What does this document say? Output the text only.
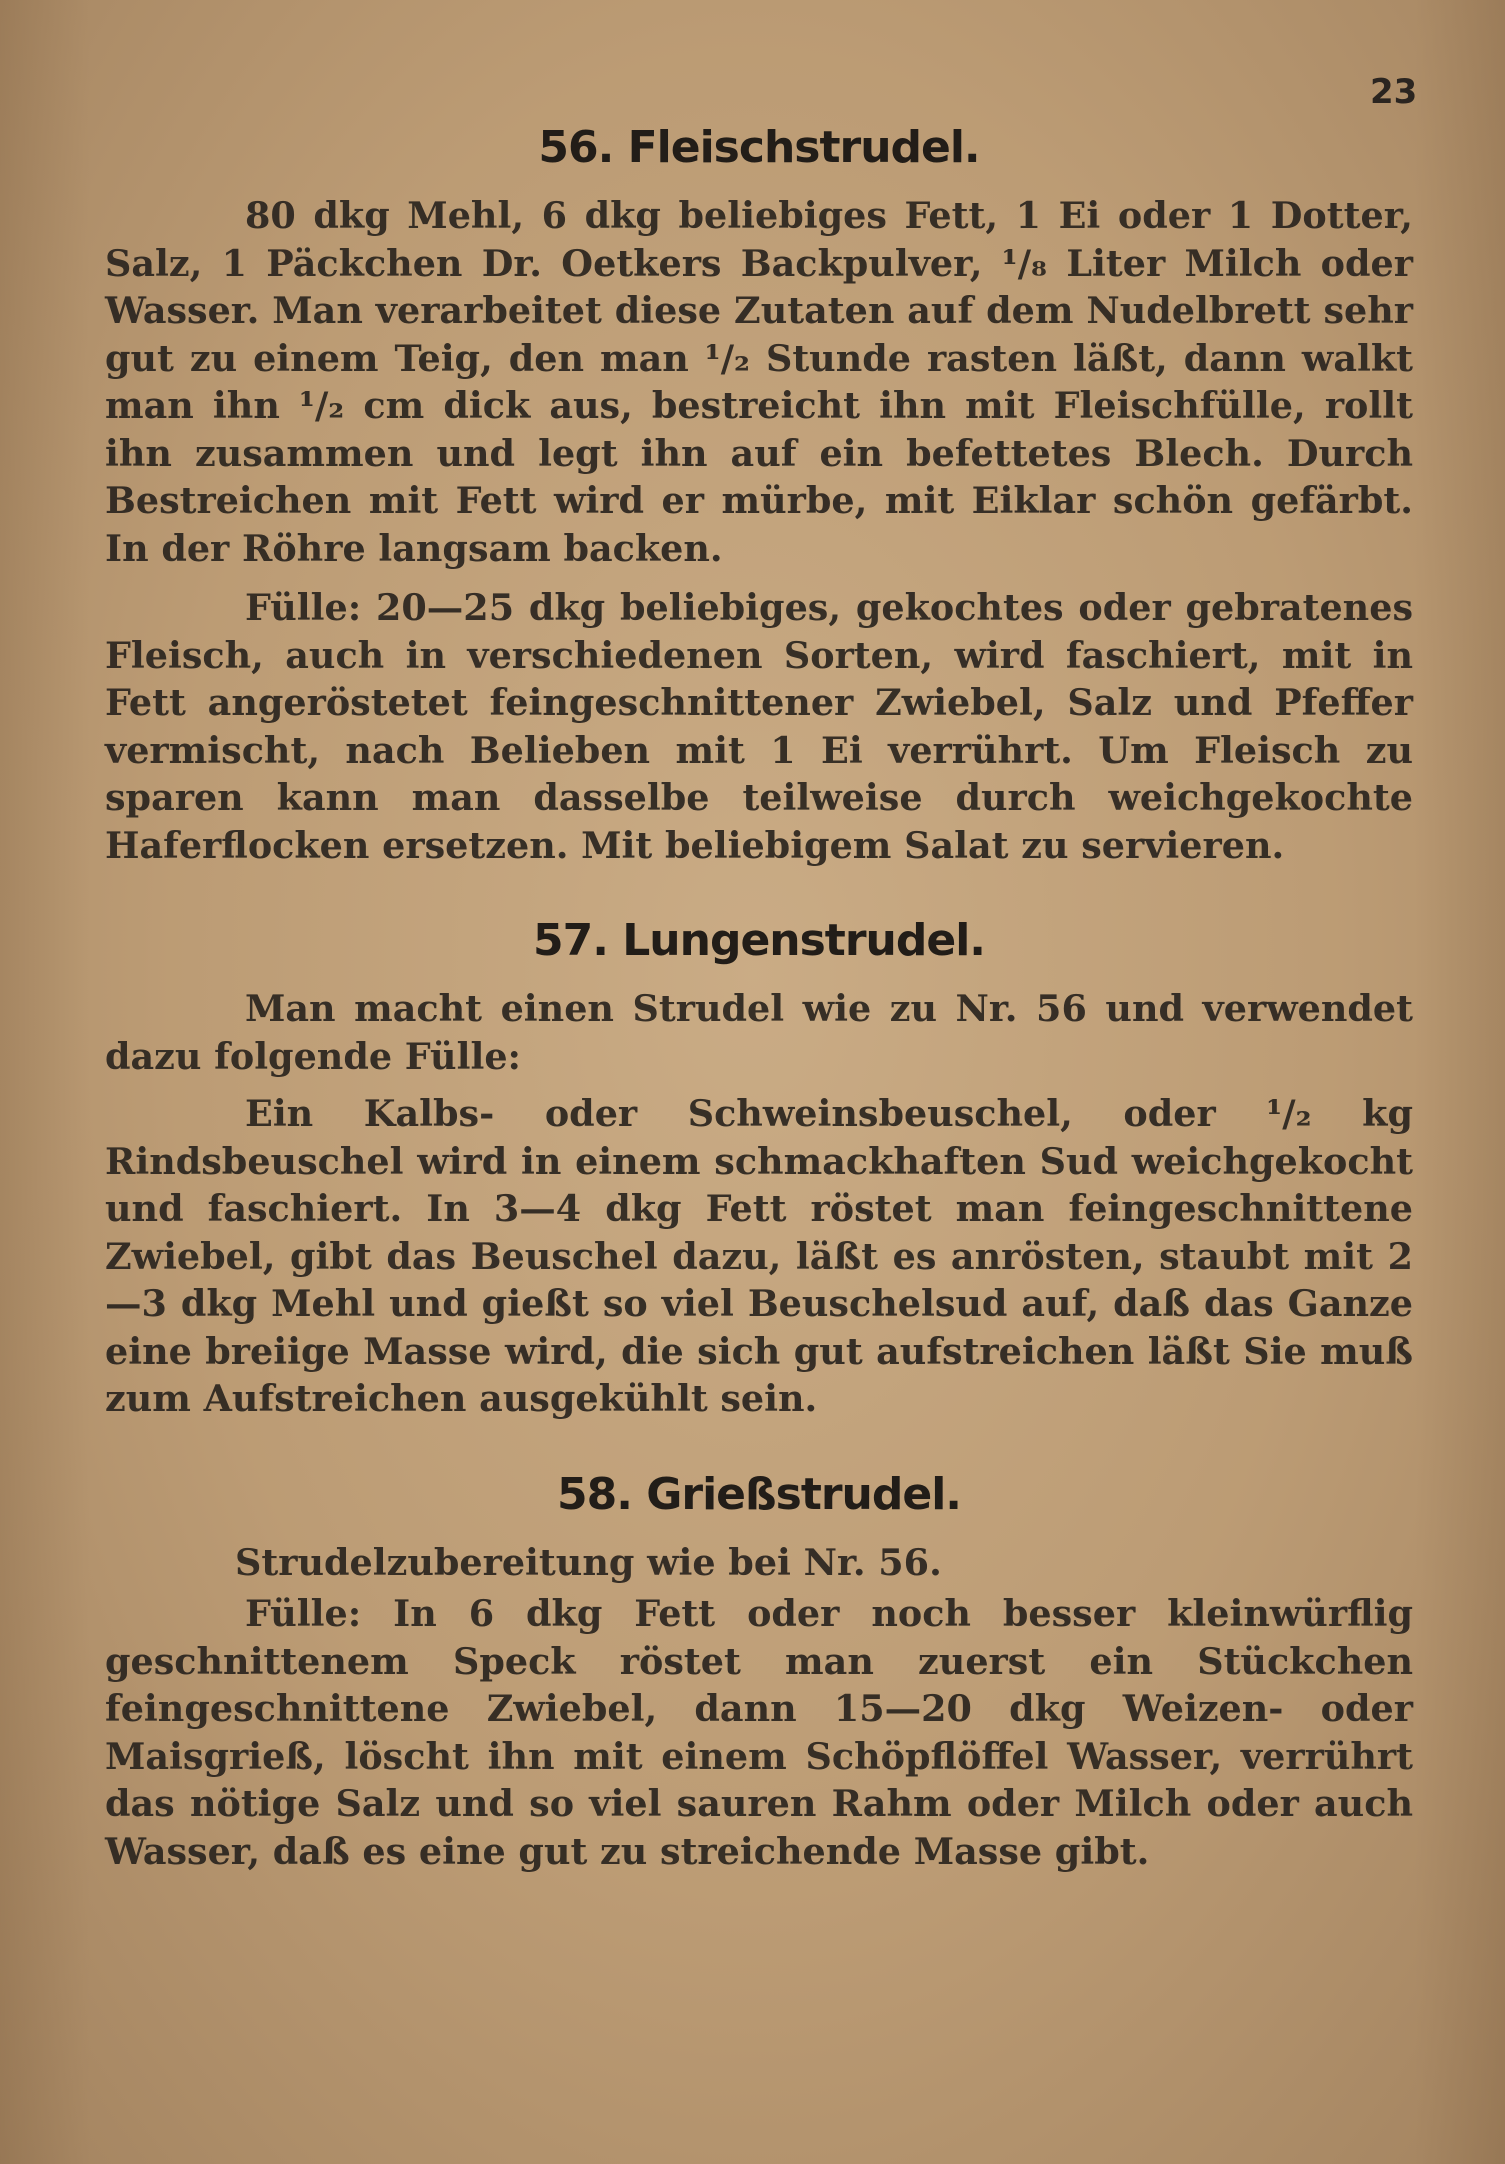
23
56. Fleischstrudel.

80 dkg Mehl, 6 dkg beliebiges Fett, 1 Ei oder 1 Dotter, Salz, 1 Päckchen Dr. Oetkers Backpulver, ¹/₈ Liter Milch oder Wasser. Man verarbeitet diese Zutaten auf dem Nudelbrett sehr gut zu einem Teig, den man ¹/₂ Stunde rasten läßt, dann walkt man ihn ¹/₂ cm dick aus, bestreicht ihn mit Fleischfülle, rollt ihn zusammen und legt ihn auf ein befettetes Blech. Durch Bestreichen mit Fett wird er mürbe, mit Eiklar schön gefärbt. In der Röhre langsam backen.

Fülle: 20—25 dkg beliebiges, gekochtes oder gebratenes Fleisch, auch in verschiedenen Sorten, wird faschiert, mit in Fett angeröstetet feingeschnittener Zwiebel, Salz und Pfeffer vermischt, nach Belieben mit 1 Ei verrührt. Um Fleisch zu sparen kann man dasselbe teilweise durch weichgekochte Haferflocken ersetzen. Mit beliebigem Salat zu servieren.

57. Lungenstrudel.

Man macht einen Strudel wie zu Nr. 56 und verwendet dazu folgende Fülle:

Ein Kalbs- oder Schweinsbeuschel, oder ¹/₂ kg Rindsbeuschel wird in einem schmackhaften Sud weichgekocht und faschiert. In 3—4 dkg Fett röstet man feingeschnittene Zwiebel, gibt das Beuschel dazu, läßt es anrösten, staubt mit 2—3 dkg Mehl und gießt so viel Beuschelsud auf, daß das Ganze eine breiige Masse wird, die sich gut aufstreichen läßt Sie muß zum Aufstreichen ausgekühlt sein.

58. Grießstrudel.

Strudelzubereitung wie bei Nr. 56.

Fülle: In 6 dkg Fett oder noch besser kleinwürflig geschnittenem Speck röstet man zuerst ein Stückchen feingeschnittene Zwiebel, dann 15—20 dkg Weizen- oder Maisgrieß, löscht ihn mit einem Schöpflöffel Wasser, verrührt das nötige Salz und so viel sauren Rahm oder Milch oder auch Wasser, daß es eine gut zu streichende Masse gibt.
